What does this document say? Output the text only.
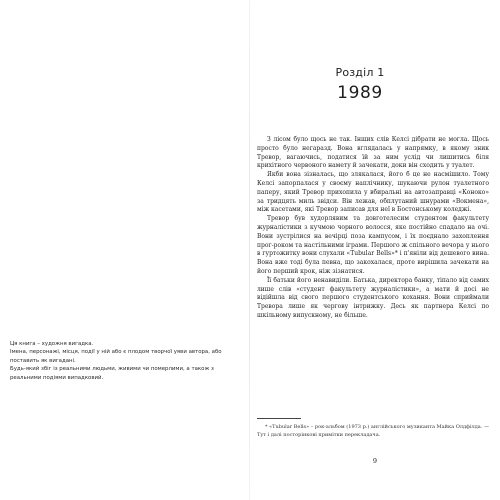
Ця книга – художня вигадка.

Імена, персонажі, місця, події у ній або є плодом творчої уяви автора, або поставить як вигадані.

Будь-який збіг із реальними людьми, живими чи померлими, а також з реальними подіями випадковий.

Розділ 1
1989

З лісом було щось не так. Інших слів Келсі дібрати не могла. Щось просто було негаразд. Вона вглядалась у напрямку, в якому зник Тревор, вагаючись, податися їй за ним услід чи лишитись біля крихітного червоного намету й зачекати, доки він сходить у туалет.

Якби вона зізналась, що злякалася, його б це не насмішило. Тому Келсі запорпалася у своєму наплічнику, шукаючи рулон туалетного паперу, який Тревор прихопила у вбиральні на автозаправці «Коноко» за тридцять миль звідси. Він лежав, обплутаний шнурами «Вокмена», між касетами, які Тревор записав для неї в Бостонському коледжі.

Тревор був худорлявим та довготелесим студентом факультету журналістики з кучмою чорного волосся, яке постійно спадало на очі. Вони зустрілися на вечірці поза кампусом, і їх поєднало захоплення прог-роком та настільними іграми. Першого ж спільного вечора у нього в гуртожитку вони слухали «Tubular Bells»* і п'яніли від дешевого вина. Вона вже тоді була певна, що закохалася, проте вирішила зачекати на його перший крок, ніж зізнатися.

Її батьки його ненавиділи. Батька, директора банку, тіпало від самих лише слів «студент факультету журналістики», а мати й досі не відійшла від свого першого студентського кохання. Вони сприймали Тревора лише як чергову інтрижку. Десь як партнера Келсі по шкільному випускному, не більше.

* «Tubular Bells» – рок-альбом (1973 р.) англійського музиканта Майка Олдфілда. — Тут і далі посторінкові примітки перекладача.
9
